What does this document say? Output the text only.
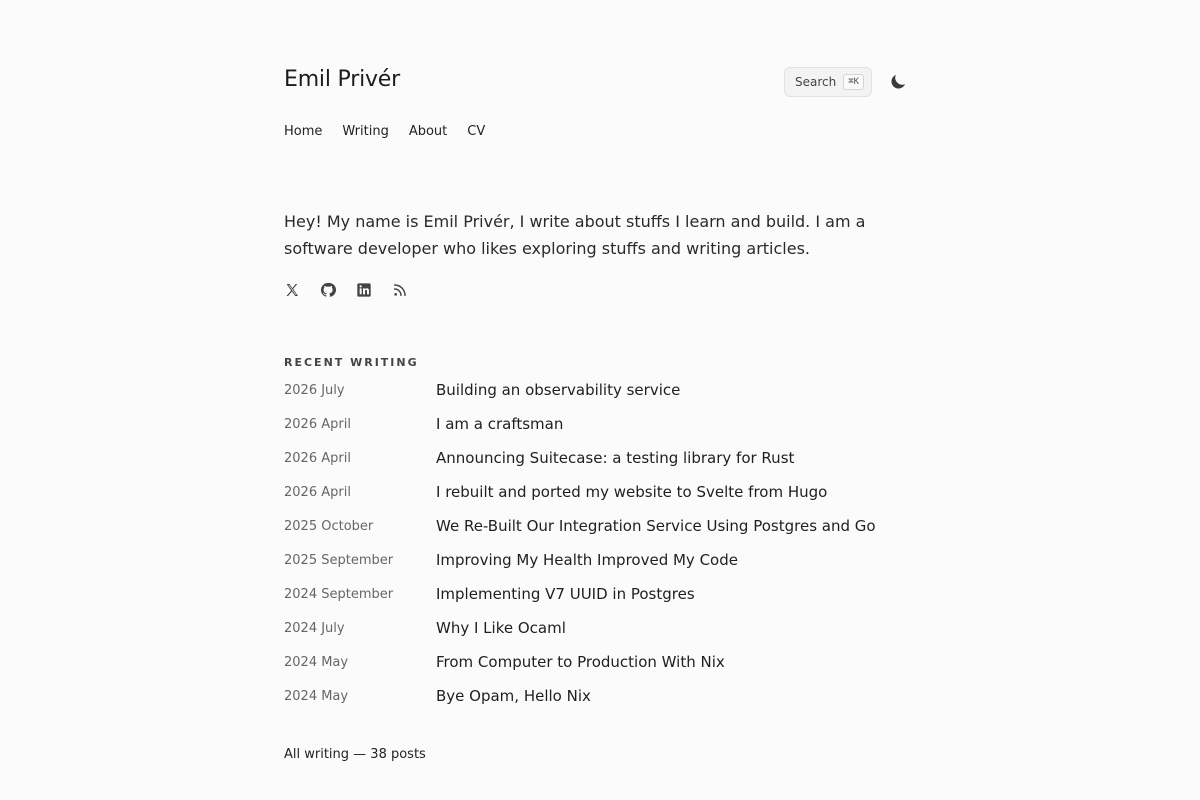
Emil Privér	Search	⌘K
Home Writing About CV

Hey! My name is Emil Privér, I write about stuffs I learn and build. I am a software developer who likes exploring stuffs and writing articles.

RECENT WRITING
2026 July	Building an observability service
2026 April	I am a craftsman
2026 April	Announcing Suitecase: a testing library for Rust
2026 April	I rebuilt and ported my website to Svelte from Hugo
2025 October	We Re-Built Our Integration Service Using Postgres and Go
2025 September	Improving My Health Improved My Code
2024 September	Implementing V7 UUID in Postgres
2024 July	Why I Like Ocaml
2024 May	From Computer to Production With Nix
2024 May	Bye Opam, Hello Nix
All writing — 38 posts
